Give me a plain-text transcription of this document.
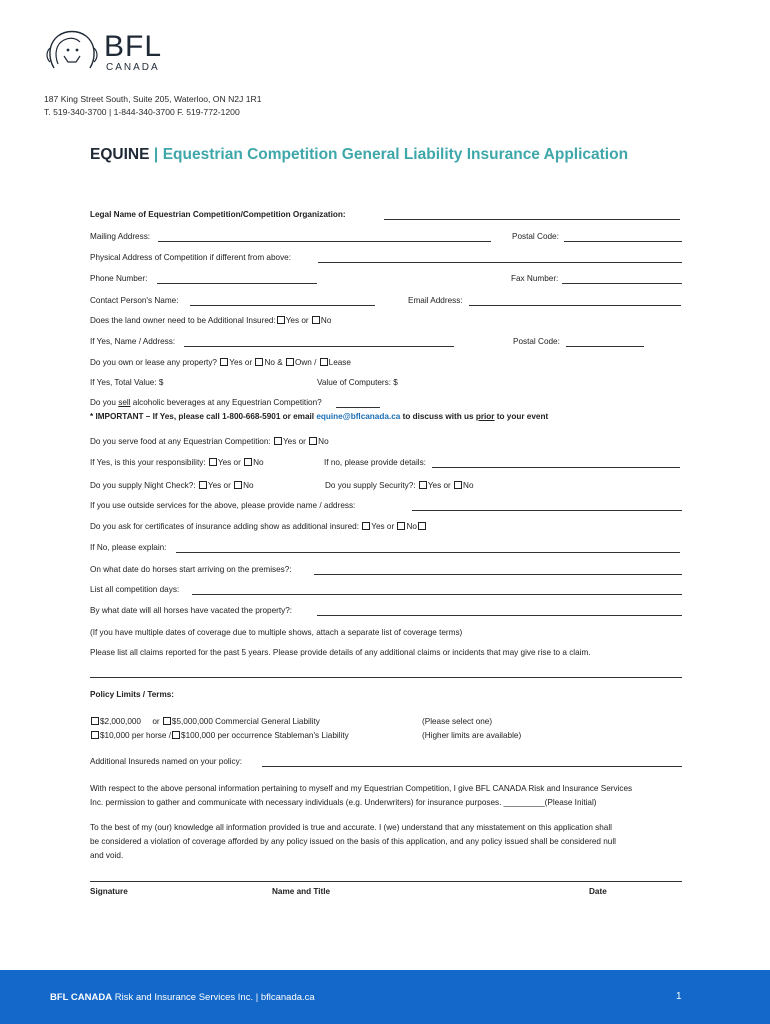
BFL
CANADA
187 King Street South, Suite 205, Waterloo, ON N2J 1R1
T. 519-340-3700 | 1-844-340-3700 F. 519-772-1200
EQUINE | Equestrian Competition General Liability Insurance Application
Legal Name of Equestrian Competition/Competition Organization:
Mailing Address:	Postal Code:
Physical Address of Competition if different from above:
Phone Number:	Fax Number:
Contact Person's Name:	Email Address:
Does the land owner need to be Additional Insured: Yes or No
If Yes, Name / Address:	Postal Code:
Do you own or lease any property? Yes or No & Own / Lease
If Yes, Total Value: $	Value of Computers: $
Do you sell alcoholic beverages at any Equestrian Competition?
* IMPORTANT – If Yes, please call 1-800-668-5901 or email equine@bflcanada.ca to discuss with us prior to your event
Do you serve food at any Equestrian Competition: Yes or No
If Yes, is this your responsibility: Yes or No	If no, please provide details:
Do you supply Night Check?: Yes or No	Do you supply Security?: Yes or No
If you use outside services for the above, please provide name / address:
Do you ask for certificates of insurance adding show as additional insured: Yes or No
If No, please explain:
On what date do horses start arriving on the premises?:
List all competition days:
By what date will all horses have vacated the property?:
(If you have multiple dates of coverage due to multiple shows, attach a separate list of coverage terms)
Please list all claims reported for the past 5 years. Please provide details of any additional claims or incidents that may give rise to a claim.
Policy Limits / Terms:
$2,000,000 or $5,000,000 Commercial General Liability	(Please select one)
$10,000 per horse / $100,000 per occurrence Stableman's Liability	(Higher limits are available)
Additional Insureds named on your policy:
With respect to the above personal information pertaining to myself and my Equestrian Competition, I give BFL CANADA Risk and Insurance Services
Inc. permission to gather and communicate with necessary individuals (e.g. Underwriters) for insurance purposes. _________(Please Initial)
To the best of my (our) knowledge all information provided is true and accurate. I (we) understand that any misstatement on this application shall
be considered a violation of coverage afforded by any policy issued on the basis of this application, and any policy issued shall be considered null
and void.
Signature	Name and Title	Date
BFL CANADA Risk and Insurance Services Inc. | bflcanada.ca	1
